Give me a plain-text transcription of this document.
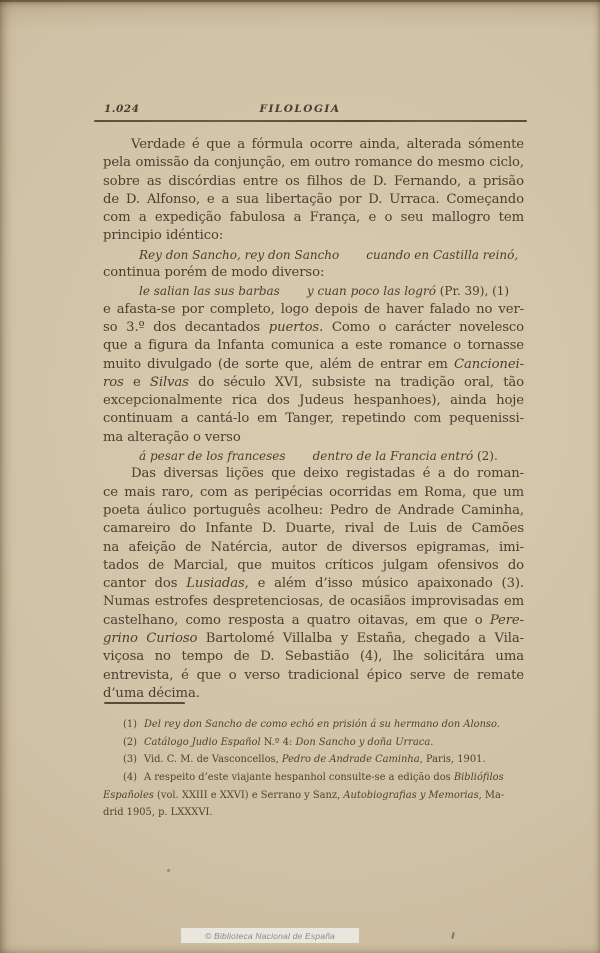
1.024	FILOLOGIA
Verdade é que a fórmula ocorre ainda, alterada sómente
pela omissão da conjunção, em outro romance do mesmo ciclo,
sobre as discórdias entre os filhos de D. Fernando, a prisão
de D. Alfonso, e a sua libertação por D. Urraca. Começando
com a expedição fabulosa a França, e o seu mallogro tem
principio idéntico:
Rey don Sancho, rey don Sancho cuando en Castilla reinó,
continua porém de modo diverso:
le salian las sus barbas y cuan poco las logró (Pr. 39), (1)
e afasta-se por completo, logo depois de haver falado no ver-
so 3.º dos decantados puertos. Como o carácter novelesco
que a figura da Infanta comunica a este romance o tornasse
muito divulgado (de sorte que, além de entrar em Cancionei-
ros e Silvas do século XVI, subsiste na tradição oral, tão
excepcionalmente rica dos Judeus hespanhoes), ainda hoje
continuam a cantá-lo em Tanger, repetindo com pequenissi-
ma alteração o verso
á pesar de los franceses dentro de la Francia entró (2).
Das diversas lições que deixo registadas é a do roman-
ce mais raro, com as peripécias ocorridas em Roma, que um
poeta áulico português acolheu: Pedro de Andrade Caminha,
camareiro do Infante D. Duarte, rival de Luis de Camões
na afeição de Natércia, autor de diversos epigramas, imi-
tados de Marcial, que muitos críticos julgam ofensivos do
cantor dos Lusiadas, e além d’isso músico apaixonado (3).
Numas estrofes despretenciosas, de ocasiãos improvisadas em
castelhano, como resposta a quatro oitavas, em que o Pere-
grino Curioso Bartolomé Villalba y Estaña, chegado a Vila-
viçosa no tempo de D. Sebastião (4), lhe solicitára uma
entrevista, é que o verso tradicional épico serve de remate
d’uma décima.
(1) Del rey don Sancho de como echó en prisión á su hermano don Alonso.
(2) Catálogo Judio Español N.º 4: Don Sancho y doña Urraca.
(3) Vid. C. M. de Vasconcellos, Pedro de Andrade Caminha, Paris, 1901.
(4) A respeito d’este viajante hespanhol consulte-se a edição dos Bibliófilos
Españoles (vol. XXIII e XXVI) e Serrano y Sanz, Autobiografias y Memorias, Ma-
drid 1905, p. LXXXVI.
© Biblioteca Nacional de España
